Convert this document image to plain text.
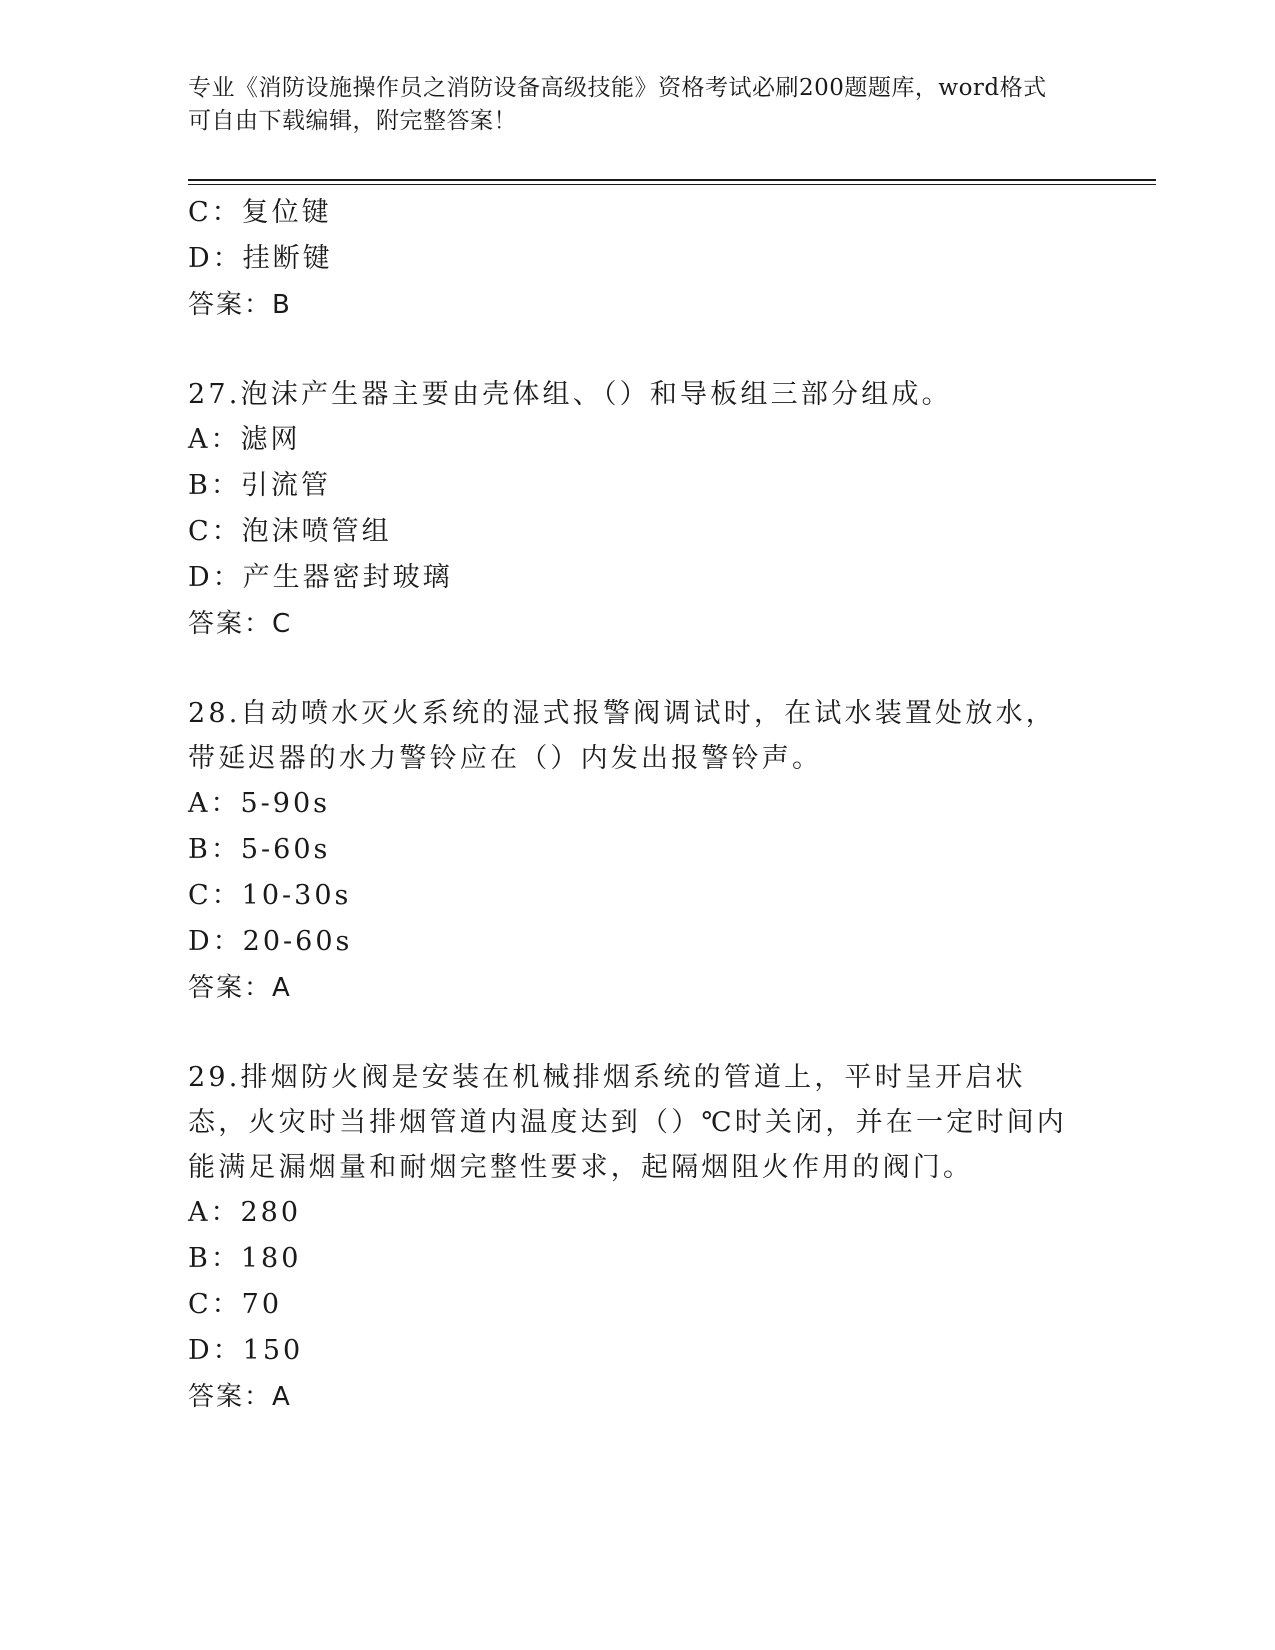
专业《消防设施操作员之消防设备高级技能》资格考试必刷200题题库，word格式可自由下载编辑，附完整答案！
C：复位键
D：挂断键
答案：B
27.泡沫产生器主要由壳体组、（）和导板组三部分组成。
A：滤网
B：引流管
C：泡沫喷管组
D：产生器密封玻璃
答案：C
28.自动喷水灭火系统的湿式报警阀调试时，在试水装置处放水，带延迟器的水力警铃应在（）内发出报警铃声。
A：5-90s
B：5-60s
C：10-30s
D：20-60s
答案：A
29.排烟防火阀是安装在机械排烟系统的管道上，平时呈开启状态，火灾时当排烟管道内温度达到（）℃时关闭，并在一定时间内能满足漏烟量和耐烟完整性要求，起隔烟阻火作用的阀门。
A：280
B：180
C：70
D：150
答案：A
